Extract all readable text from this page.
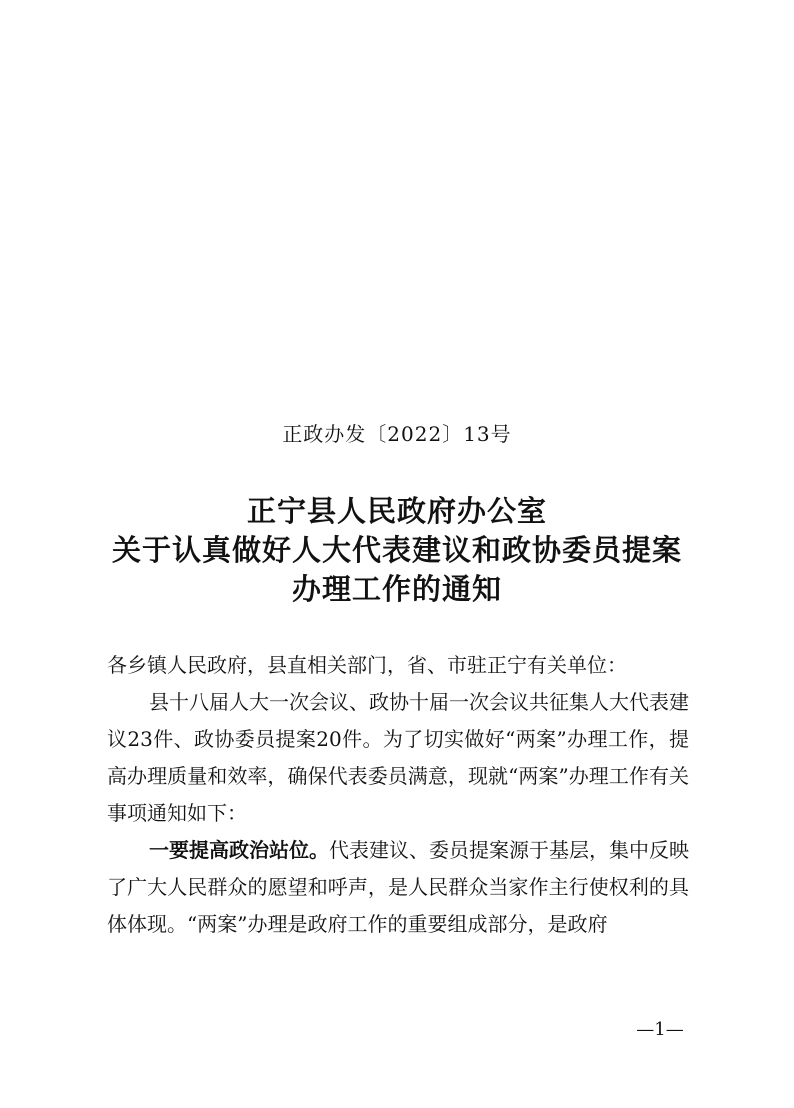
正政办发〔2022〕13号

正宁县人民政府办公室
关于认真做好人大代表建议和政协委员提案
办理工作的通知

各乡镇人民政府，县直相关部门，省、市驻正宁有关单位：

县十八届人大一次会议、政协十届一次会议共征集人大代表建议23件、政协委员提案20件。为了切实做好“两案”办理工作，提高办理质量和效率，确保代表委员满意，现就“两案”办理工作有关事项通知如下：

一要提高政治站位。代表建议、委员提案源于基层，集中反映了广大人民群众的愿望和呼声，是人民群众当家作主行使权利的具体体现。“两案”办理是政府工作的重要组成部分，是政府

—1—
